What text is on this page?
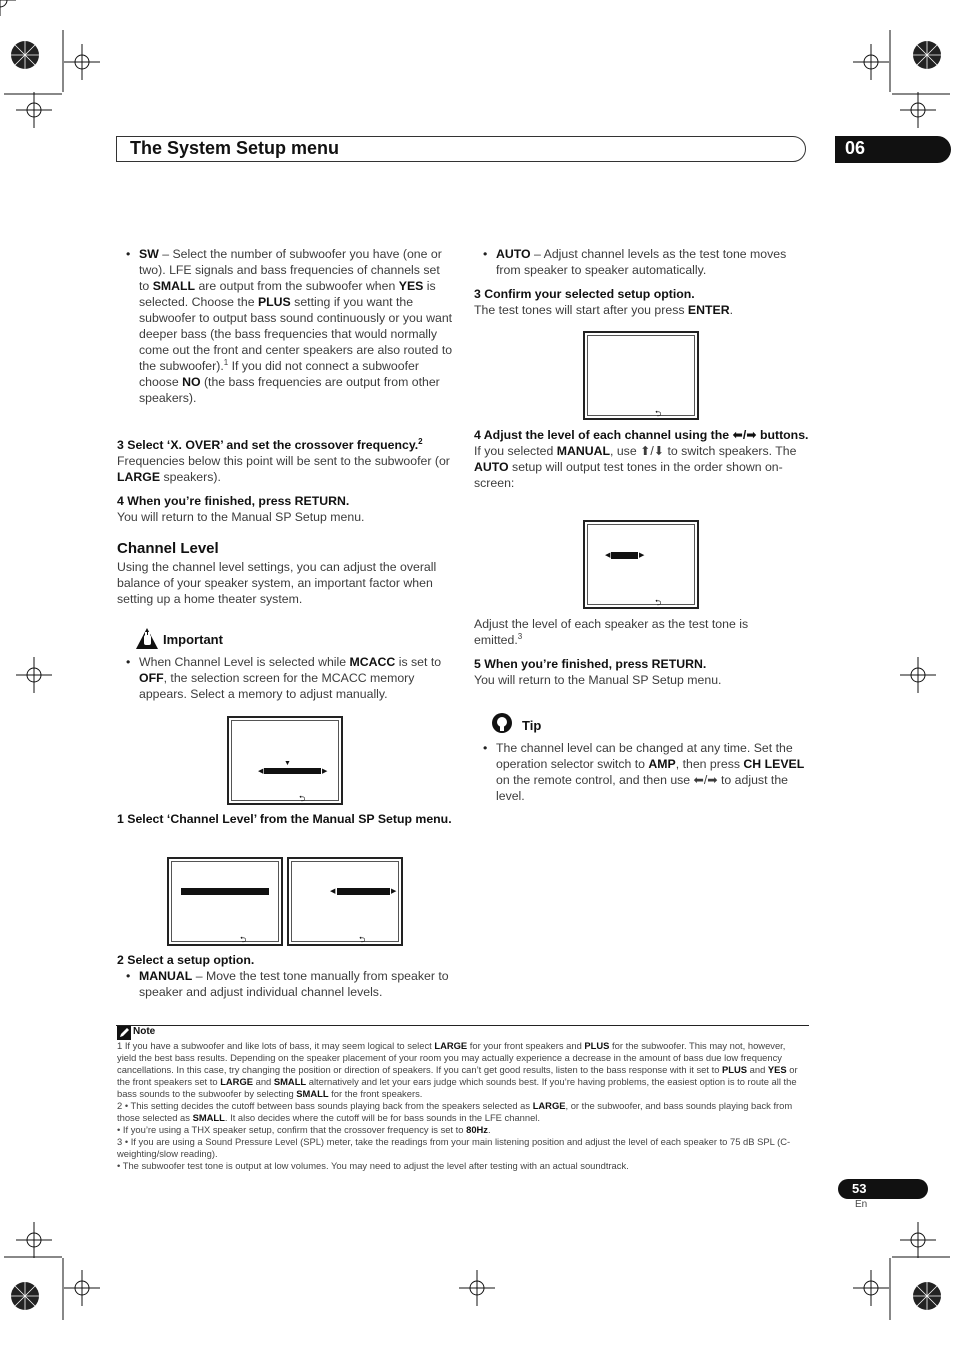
The System Setup menu	06

• SW – Select the number of subwoofer you have (one or two). LFE signals and bass frequencies of channels set to SMALL are output from the subwoofer when YES is selected. Choose the PLUS setting if you want the subwoofer to output bass sound continuously or you want deeper bass (the bass frequencies that would normally come out the front and center speakers are also routed to the subwoofer).$^1$ If you did not connect a subwoofer choose NO (the bass frequencies are output from other speakers).

3 Select ‘X. OVER’ and set the crossover frequency.$^2$

Frequencies below this point will be sent to the subwoofer (or LARGE speakers).

4 When you’re finished, press RETURN.

You will return to the Manual SP Setup menu.

Channel Level

Using the channel level settings, you can adjust the overall balance of your speaker system, an important factor when setting up a home theater system.

Important

• When Channel Level is selected while MCACC is set to OFF, the selection screen for the MCACC memory appears. Select a memory to adjust manually.

▼
◀	▶
⮌

1 Select ‘Channel Level’ from the Manual SP Setup menu.

⮌
◀	▶
⮌

2 Select a setup option.

• MANUAL – Move the test tone manually from speaker to speaker and adjust individual channel levels.

• AUTO – Adjust channel levels as the test tone moves from speaker to speaker automatically.

3 Confirm your selected setup option.

The test tones will start after you press ENTER.

⮌

4 Adjust the level of each channel using the ⬅/➡ buttons.

If you selected MANUAL, use ⬆/⬇ to switch speakers. The AUTO setup will output test tones in the order shown on-screen:

◀	▶
⮌

Adjust the level of each speaker as the test tone is emitted.$^3$

5 When you’re finished, press RETURN.

You will return to the Manual SP Setup menu.

Tip

• The channel level can be changed at any time. Set the operation selector switch to AMP, then press CH LEVEL on the remote control, and then use ⬅/➡ to adjust the level.

Note

1 If you have a subwoofer and like lots of bass, it may seem logical to select LARGE for your front speakers and PLUS for the subwoofer. This may not, however, yield the best bass results. Depending on the speaker placement of your room you may actually experience a decrease in the amount of bass due low frequency cancellations. In this case, try changing the position or direction of speakers. If you can’t get good results, listen to the bass response with it set to PLUS and YES or the front speakers set to LARGE and SMALL alternatively and let your ears judge which sounds best. If you’re having problems, the easiest option is to route all the bass sounds to the subwoofer by selecting SMALL for the front speakers.

2 • This setting decides the cutoff between bass sounds playing back from the speakers selected as LARGE, or the subwoofer, and bass sounds playing back from those selected as SMALL. It also decides where the cutoff will be for bass sounds in the LFE channel.

• If you’re using a THX speaker setup, confirm that the crossover frequency is set to 80Hz.

3 • If you are using a Sound Pressure Level (SPL) meter, take the readings from your main listening position and adjust the level of each speaker to 75 dB SPL (C-weighting/slow reading).

• The subwoofer test tone is output at low volumes. You may need to adjust the level after testing with an actual soundtrack.

53
En
